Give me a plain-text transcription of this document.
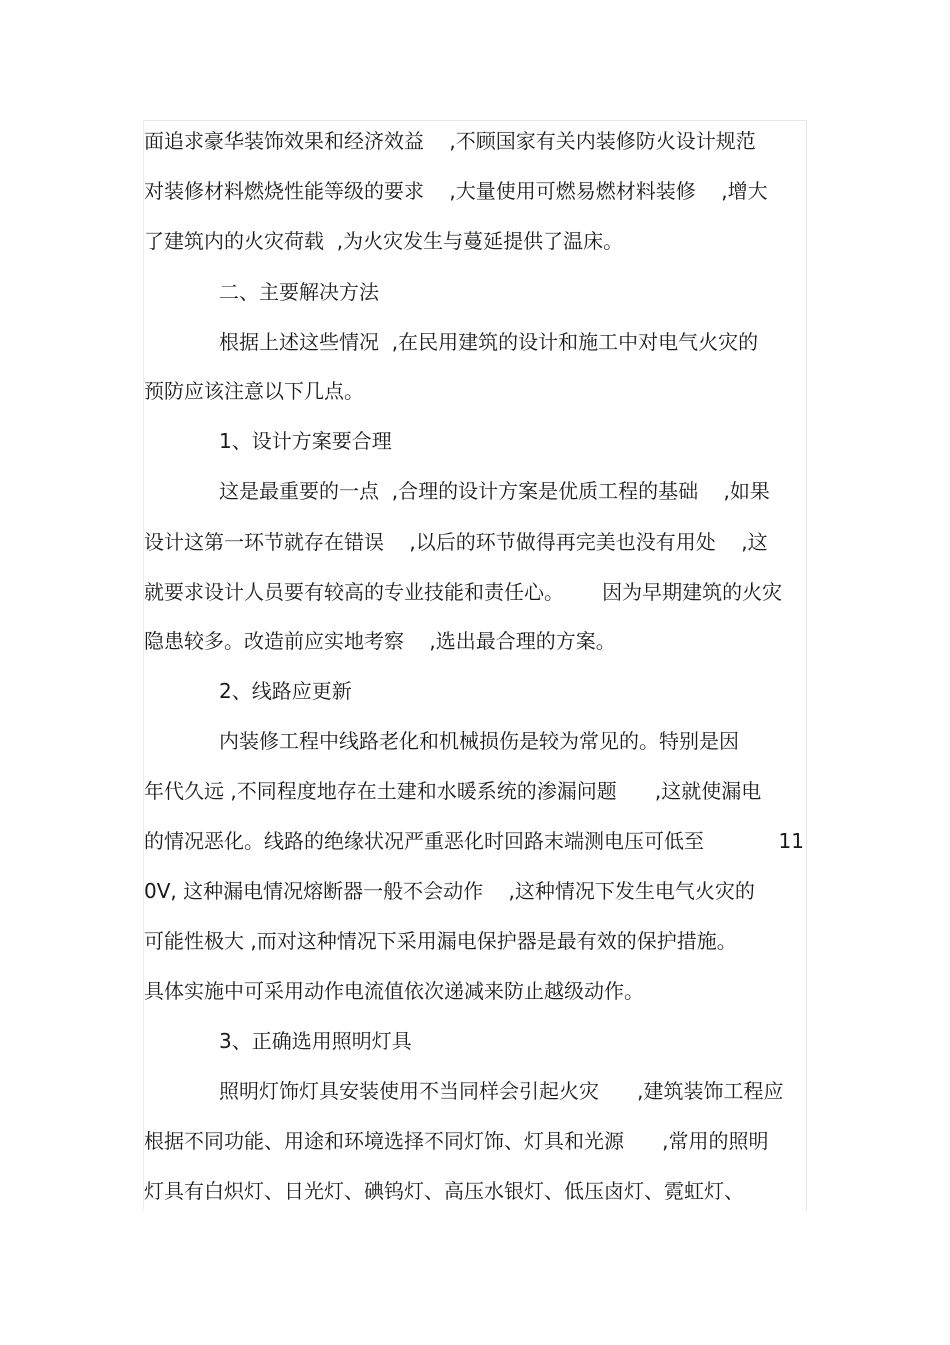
面追求豪华装饰效果和经济效益    ,不顾国家有关内装修防火设计规范
对装修材料燃烧性能等级的要求    ,大量使用可燃易燃材料装修    ,增大
了建筑内的火灾荷载  ,为火灾发生与蔓延提供了温床。
二、主要解决方法
根据上述这些情况  ,在民用建筑的设计和施工中对电气火灾的
预防应该注意以下几点。
1、设计方案要合理
这是最重要的一点  ,合理的设计方案是优质工程的基础    ,如果
设计这第一环节就存在错误    ,以后的环节做得再完美也没有用处    ,这
就要求设计人员要有较高的专业技能和责任心。      因为早期建筑的火灾
隐患较多。改造前应实地考察    ,选出最合理的方案。
2、线路应更新
内装修工程中线路老化和机械损伤是较为常见的。特别是因
年代久远 ,不同程度地存在土建和水暖系统的渗漏问题      ,这就使漏电
的情况恶化。线路的绝缘状况严重恶化时回路末端测电压可低至	11
0V, 这种漏电情况熔断器一般不会动作    ,这种情况下发生电气火灾的
可能性极大 ,而对这种情况下采用漏电保护器是最有效的保护措施。
具体实施中可采用动作电流值依次递减来防止越级动作。
3、正确选用照明灯具
照明灯饰灯具安装使用不当同样会引起火灾      ,建筑装饰工程应
根据不同功能、用途和环境选择不同灯饰、灯具和光源      ,常用的照明
灯具有白炽灯、日光灯、碘钨灯、高压水银灯、低压卤灯、霓虹灯、
